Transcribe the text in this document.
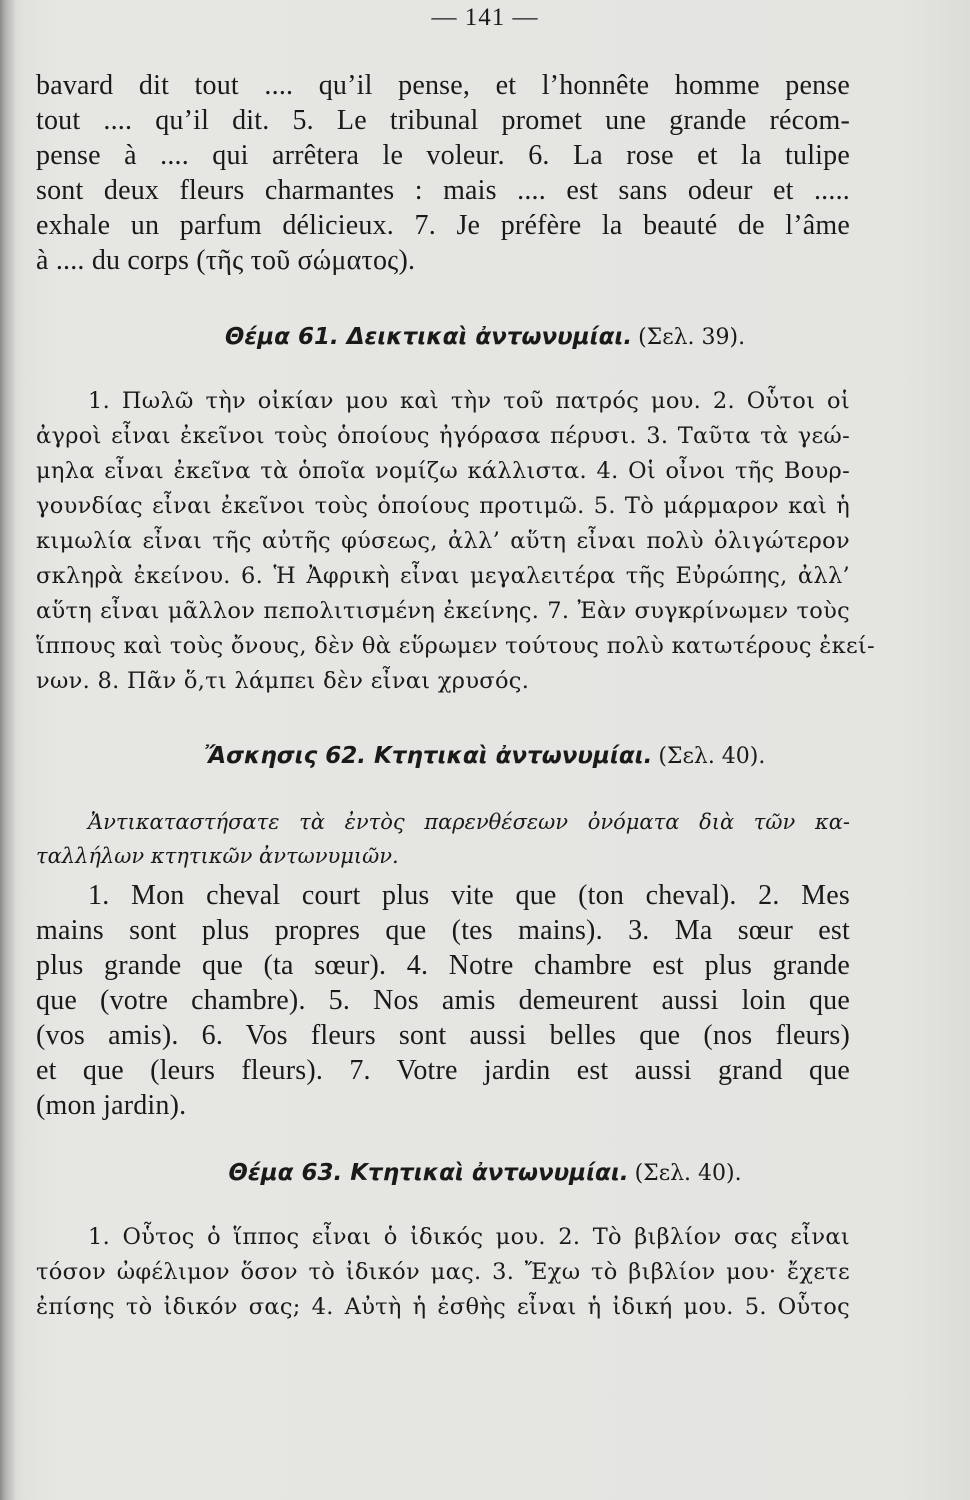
— 141 —
bavard dit tout .... qu’il pense, et l’honnête homme pense
tout .... qu’il dit. 5. Le tribunal promet une grande récom-
pense à .... qui arrêtera le voleur. 6. La rose et la tulipe
sont deux fleurs charmantes : mais .... est sans odeur et .....
exhale un parfum délicieux. 7. Je préfère la beauté de l’âme
à .... du corps (τῆς τοῦ σώματος).
Θέμα 61. Δεικτικαὶ ἀντωνυμίαι. (Σελ. 39).
1. Πωλῶ τὴν οἰκίαν μου καὶ τὴν τοῦ πατρός μου. 2. Οὗτοι οἱ
ἀγροὶ εἶναι ἐκεῖνοι τοὺς ὁποίους ἠγόρασα πέρυσι. 3. Ταῦτα τὰ γεώ-
μηλα εἶναι ἐκεῖνα τὰ ὁποῖα νομίζω κάλλιστα. 4. Οἱ οἶνοι τῆς Βουρ-
γουνδίας εἶναι ἐκεῖνοι τοὺς ὁποίους προτιμῶ. 5. Τὸ μάρμαρον καὶ ἡ
κιμωλία εἶναι τῆς αὐτῆς φύσεως, ἀλλ’ αὕτη εἶναι πολὺ ὀλιγώτερον
σκληρὰ ἐκείνου. 6. Ἡ Ἀφρικὴ εἶναι μεγαλειτέρα τῆς Εὐρώπης, ἀλλ’
αὕτη εἶναι μᾶλλον πεπολιτισμένη ἐκείνης. 7. Ἐὰν συγκρίνωμεν τοὺς
ἵππους καὶ τοὺς ὄνους, δὲν θὰ εὕρωμεν τούτους πολὺ κατωτέρους ἐκεί-
νων. 8. Πᾶν ὅ,τι λάμπει δὲν εἶναι χρυσός.
Ἄσκησις 62. Κτητικαὶ ἀντωνυμίαι. (Σελ. 40).
Ἀντικαταστήσατε τὰ ἐντὸς παρενθέσεων ὀνόματα διὰ τῶν κα-
ταλλήλων κτητικῶν ἀντωνυμιῶν.
1. Mon cheval court plus vite que (ton cheval). 2. Mes
mains sont plus propres que (tes mains). 3. Ma sœur est
plus grande que (ta sœur). 4. Notre chambre est plus grande
que (votre chambre). 5. Nos amis demeurent aussi loin que
(vos amis). 6. Vos fleurs sont aussi belles que (nos fleurs)
et que (leurs fleurs). 7. Votre jardin est aussi grand que
(mon jardin).
Θέμα 63. Κτητικαὶ ἀντωνυμίαι. (Σελ. 40).
1. Οὗτος ὁ ἵππος εἶναι ὁ ἰδικός μου. 2. Τὸ βιβλίον σας εἶναι
τόσον ὠφέλιμον ὅσον τὸ ἰδικόν μας. 3. Ἔχω τὸ βιβλίον μου· ἔχετε
ἐπίσης τὸ ἰδικόν σας; 4. Αὐτὴ ἡ ἐσθὴς εἶναι ἡ ἰδική μου. 5. Οὗτος
